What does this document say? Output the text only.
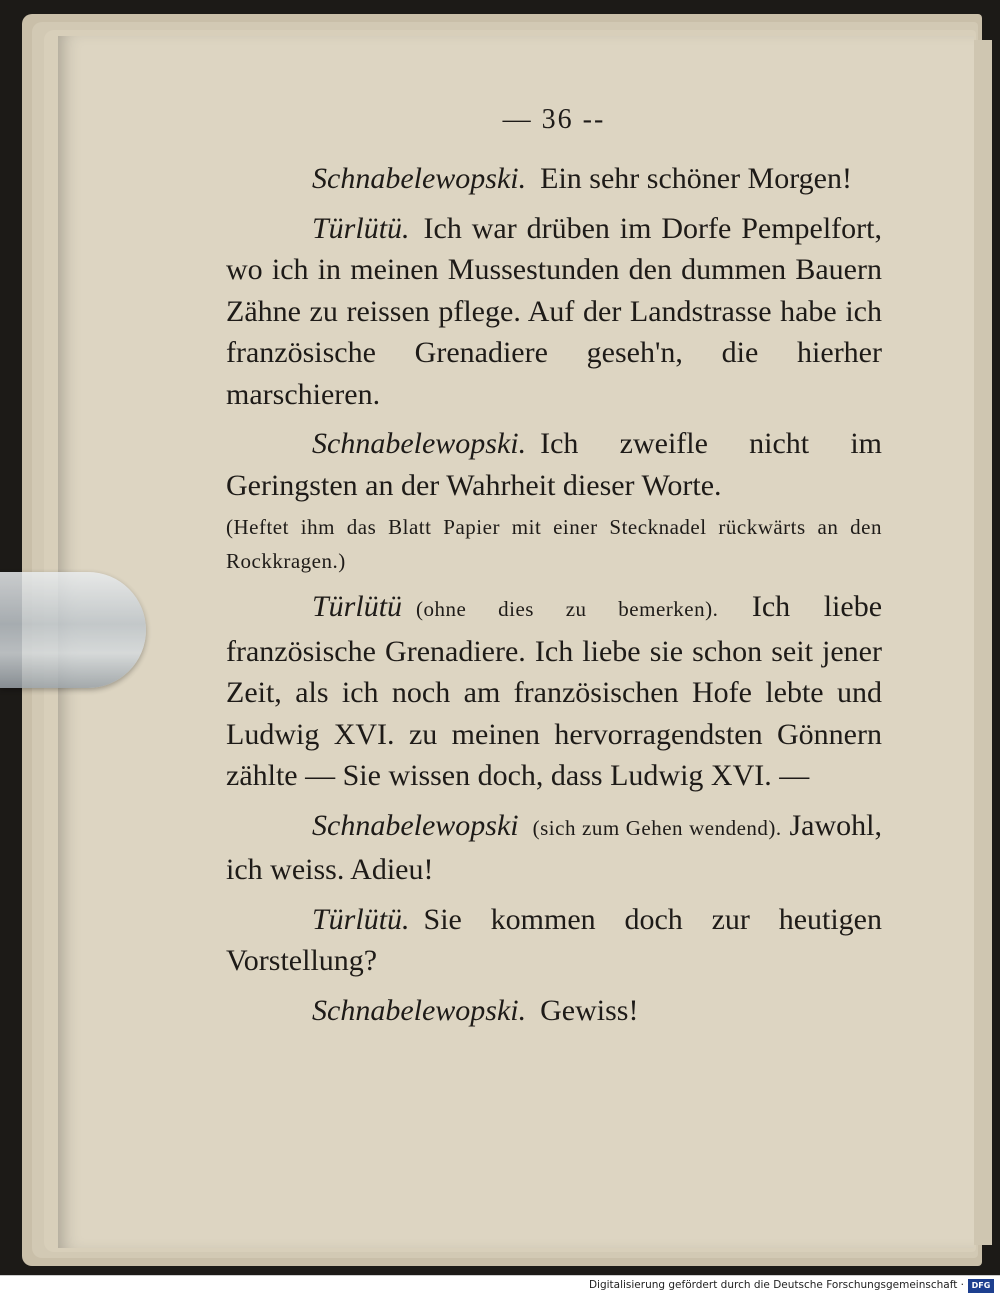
— 36 --

Schnabelewopski. Ein sehr schöner Morgen!

Türlütü. Ich war drüben im Dorfe Pempelfort, wo ich in meinen Mussestunden den dummen Bauern Zähne zu reissen pflege. Auf der Landstrasse habe ich französische Grenadiere geseh'n, die hierher marschieren.

Schnabelewopski. Ich zweifle nicht im Geringsten an der Wahrheit dieser Worte.

(Heftet ihm das Blatt Papier mit einer Stecknadel rückwärts an den Rockkragen.)

Türlütü (ohne dies zu bemerken). Ich liebe französische Grenadiere. Ich liebe sie schon seit jener Zeit, als ich noch am französischen Hofe lebte und Ludwig XVI. zu meinen hervorragendsten Gönnern zählte — Sie wissen doch, dass Ludwig XVI. —

Schnabelewopski (sich zum Gehen wendend). Jawohl, ich weiss. Adieu!

Türlütü. Sie kommen doch zur heutigen Vorstellung?

Schnabelewopski. Gewiss!

Digitalisierung gefördert durch die Deutsche Forschungsgemeinschaft · DFG
